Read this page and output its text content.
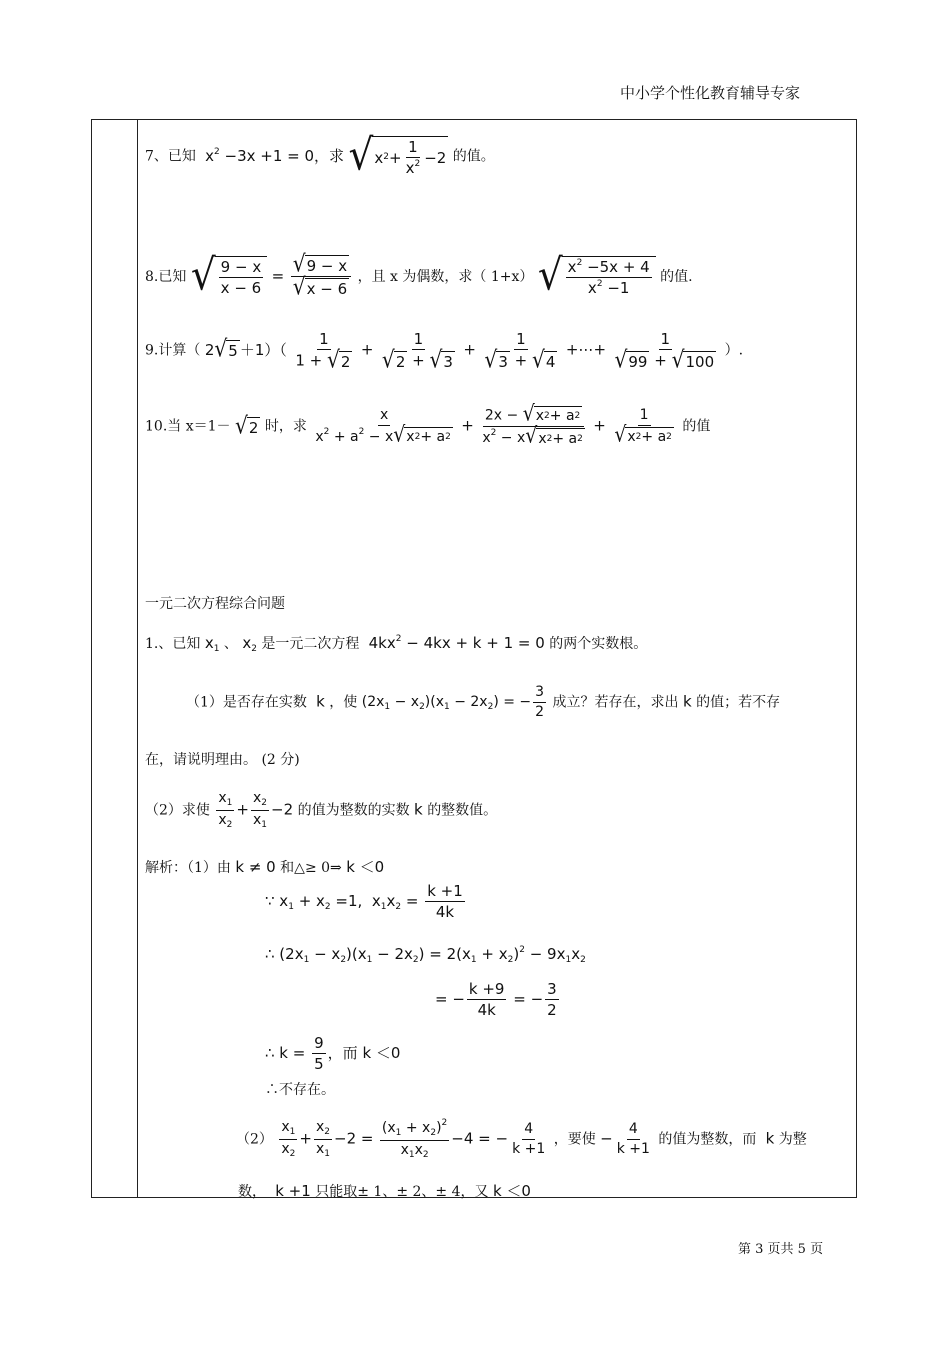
中小学个性化教育辅导专家
7、已知  $x^2 -3x +1 = 0$，求 √ x 2 +
1
$x^2 -2$ 的值。
8.已知 √ 9 − x
x − 6
= $\frac{√ 9 - x}{√ x - 6}$ ，且 x 为偶数，求（ 1+x） √ $x^2 -5x + 4$
$x^2 -1$
的值.
9.计算（ 2 √ $5 +1)( \frac{1}{1 + √ 2} + \frac{1}{√ 2 + √ 3} + \frac{1}{√ 3 + √ 4}$ +⋯+ $\frac{1}{√ 99 + √ 100}$ ）.
10.当 x＝1－ √ 2 时，求 $\frac{x}{x^2 + a^2 - x √ x 2 + a 2} + \frac{2x - √ x 2 + a 2}{x^2 - x √ x 2 + a 2} + \frac{1}{√ x 2 + a 2}$ 的值
一元二次方程综合问题
1.、已知 $x_1$ 、 $x_2$ 是一元二次方程  $4kx^2 - 4kx + k + 1 = 0$ 的两个实数根。
（1）是否存在实数  k ，使 $(2x_1 - x_2)(x_1 - 2x_2)$ = − $\frac{3}{2}$ 成立？若存在，求出 k 的值；若不存
在，请说明理由。 (2 分)
（2）求使 $\frac{x_1}{x_2} + \frac{x_2}{x_1} -2$ 的值为整数的实数 k 的整数值。
解析：（1）由 k ≠ 0 和△≥ 0⇒ k ＜0
∵ $x_1 + x_2 =1$,  $x_1x_2 = \frac{k +1}{4k}$
∴ $(2x_1 - x_2)(x_1 - 2x_2) = 2(x_1 + x_2)^2 - 9x_1x_2$
= − $\frac{k +9}{4k}$ = − $\frac{3}{2}$
∴ $k = \frac{9}{5}$ ，而 k ＜0
∴不存在。
$(2) \frac{x_1}{x_2} + \frac{x_2}{x_1} -2 = \frac{(x_1 + x_2)^2}{x_1x_2} -4$ = − $\frac{4}{k +1}$ ，要使 − $\frac{4}{k +1}$ 的值为整数，而  k 为整
数，  k +1 只能取± 1、± 2、± 4，又 k ＜0
第 3 页共 5 页
